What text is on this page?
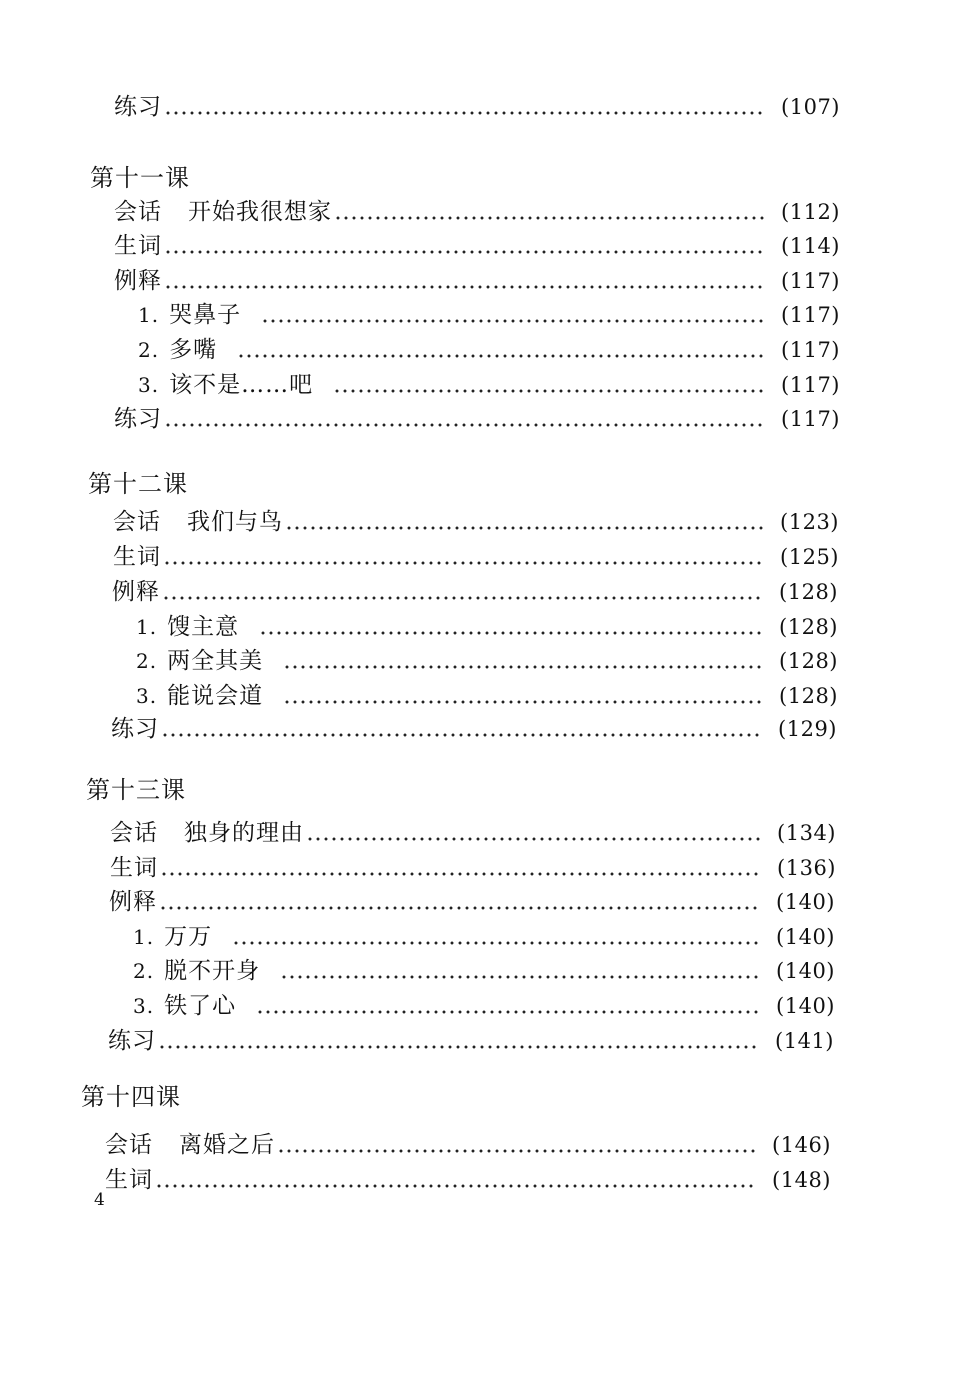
练习	(107)
第十一课
会话 开始我很想家	(112)
生词	(114)
例释	(117)
1. 哭鼻子	(117)
2. 多嘴	(117)
3. 该不是……吧	(117)
练习	(117)
第十二课
会话 我们与鸟	(123)
生词	(125)
例释	(128)
1. 馊主意	(128)
2. 两全其美	(128)
3. 能说会道	(128)
练习	(129)
第十三课
会话 独身的理由	(134)
生词	(136)
例释	(140)
1. 万万	(140)
2. 脱不开身	(140)
3. 铁了心	(140)
练习	(141)
第十四课
会话 离婚之后	(146)
生词	(148)
4
